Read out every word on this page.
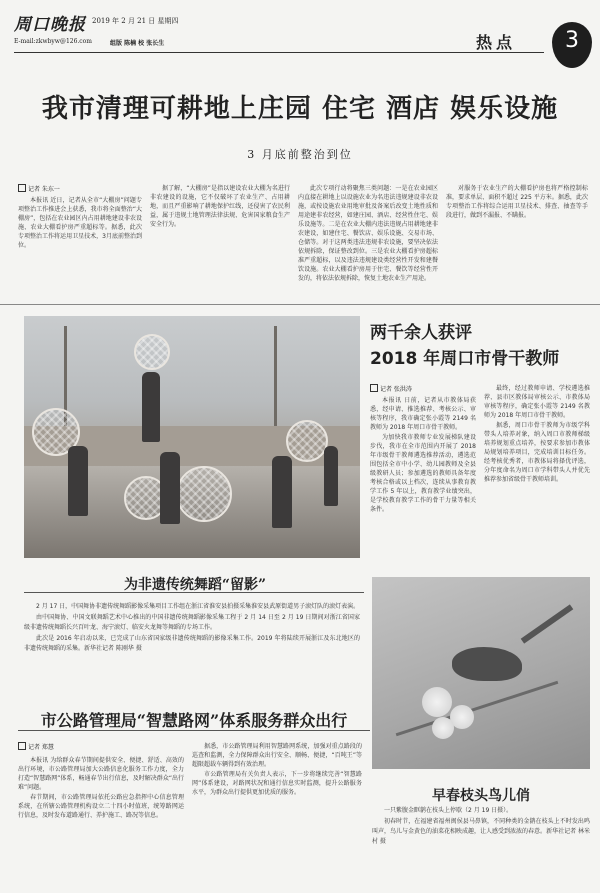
周口晚报 2019 年 2 月 21 日 星期四
E-mail:zkwbyw@126.com	组版 陈楠 校 张长生	热点	3
我市清理可耕地上庄园 住宅 酒店 娱乐设施
3 月底前整治到位
记者 朱东一

本报讯 近日，记者从全市“大棚房”问题专项整治工作推进会上获悉，我市将全面整治“大棚房”，包括在农业园区内占用耕地建设非农设施、农业大棚看护房严重超标等。据悉，此次专项整治工作将运用卫星技术，3月底前整治到位。

据了解，“大棚房”是指以建设农业大棚为名进行非农建设的设施，它不仅破坏了农业生产、占用耕地，而且严重影响了耕地保护红线，还侵害了农民利益，属于违规土地管理法律法规、危害国家粮食生产安全行为。

此次专项行动将聚焦三类问题：一是在农业园区内直接在耕地上以设施农业为名违法违规建设非农设施，或按设施农业用地审批及备案后改变土地性质和用途建非农经营，如建庄园、酒店、经营性住宅、娱乐设施等。二是在农业大棚内违法违规占用耕地建非农建设，如建住宅、餐饮店、娱乐设施、交易市场、仓储等。对于这两类违法违规非农设施，要坚决依法依规拆除，保证整改到位。三是农业大棚看护房超标准严重超标，以及违法违规建设类经营性开发和建餐饮设施。农业大棚看护房用于住宅、餐饮等经营性开发的，将依法依规拆除，恢复土地农业生产用途。

对服务于农业生产的大棚看护房也将严格控制标准，要求单层、面积不超过 225 平方米。据悉，此次专项整治工作将综合运用卫星技术、排查、抽查等手段进行，做到不漏报、不瞒报。

为非遗传统舞蹈“留影”

2 月 17 日，中国舞协非遗传统舞蹈影像采集项目工作组在浙江省淮安县拍摄采集淮安县武原街道男子滚灯队的滚灯表演。

由中国舞协、中国文联舞蹈艺术中心推出的中国非遗传统舞蹈影像采集工程于 2 月 14 日至 2 月 19 日期间对浙江省国家级非遗传统舞蹈长兴百叶龙、海宁滚灯、临安火龙舞等舞蹈的专场工作。

此次是 2016 年启动以来，已完成了山东省国家级非遗传统舞蹈的影像采集工作。2019 年将陆续开展浙江及东北地区的非遗传统舞蹈的采集。新华社记者 陈刚华 摄

两千余人获评
2018 年周口市骨干教师
记者 张洪涛

本报讯 日前，记者从市教体局获悉，经申请、推选推荐、考核公示、审核等程序，我市确定张小霞等 2149 名教师为 2018 年周口市骨干教师。

为加快我市教师专业发展梯队建设步伐，我市在全市范围内开展了 2018 年市级骨干教师遴选推荐活动，遴选范围包括全市中小学、幼儿园教师及全县级教研人员；参加遴选的教师具备年度考核合格或以上档次，连续从事教育教学工作 5 年以上，教育教学业绩突出，是学校教育教学工作的骨干力量等相关条件。

最终，经过教师申请、学校遴选推荐、县市区教体局审核公示、市教体局审核等程序，确定张小霞等 2149 名教师为 2018 年周口市骨干教师。

据悉，周口市骨干教师为市级学科带头人培养对象，纳入周口市教师梯级培养规划重点培养，按要求参加市教体局规划培养项目，完成培训目标任务。经考核优秀者，市教体局将择优评选，分年度命名为周口市学科带头人并优先推荐参加省级骨干教师培训。

早春枝头鸟儿俏

一只紫腹金眶鹟在枝头上停歇（2 月 19 日摄）。

初春时节，在福建省福州闽侯县马鼻镇，不同种类的金鹟在枝头上不时发出鸣叫声，鸟儿与金黄色的油菜花相映成趣，让人感受到浓浓的春意。新华社记者 林米村 摄

市公路管理局“智慧路网”体系服务群众出行
记者 郑慧

本报讯 为给群众春节期间提供安全、便捷、舒适、高效的出行环境，市公路管理局加大公路信息化服务工作力度，全力打造“智慧路网”体系，畅通春节出行信息，及时解决群众“出行难”问题。

春节期间，市公路管理局依托公路应急指挥中心信息管理系统，在所辖公路管理机构设立二十四小时值班，统筹路网运行信息，及时发布道路通行、养护施工、路况等信息。

据悉，市公路管理局利用智慧路网系统，加强对重点路段的巡查和监测，全力保障群众出行安全、顺畅、便捷，“百吨王”等超限超载车辆得到有效治理。

市公路管理局有关负责人表示，下一步将继续完善“智慧路网”体系建设，对路网状况和通行信息实时监测，提升公路服务水平，为群众出行提供更加优质的服务。
